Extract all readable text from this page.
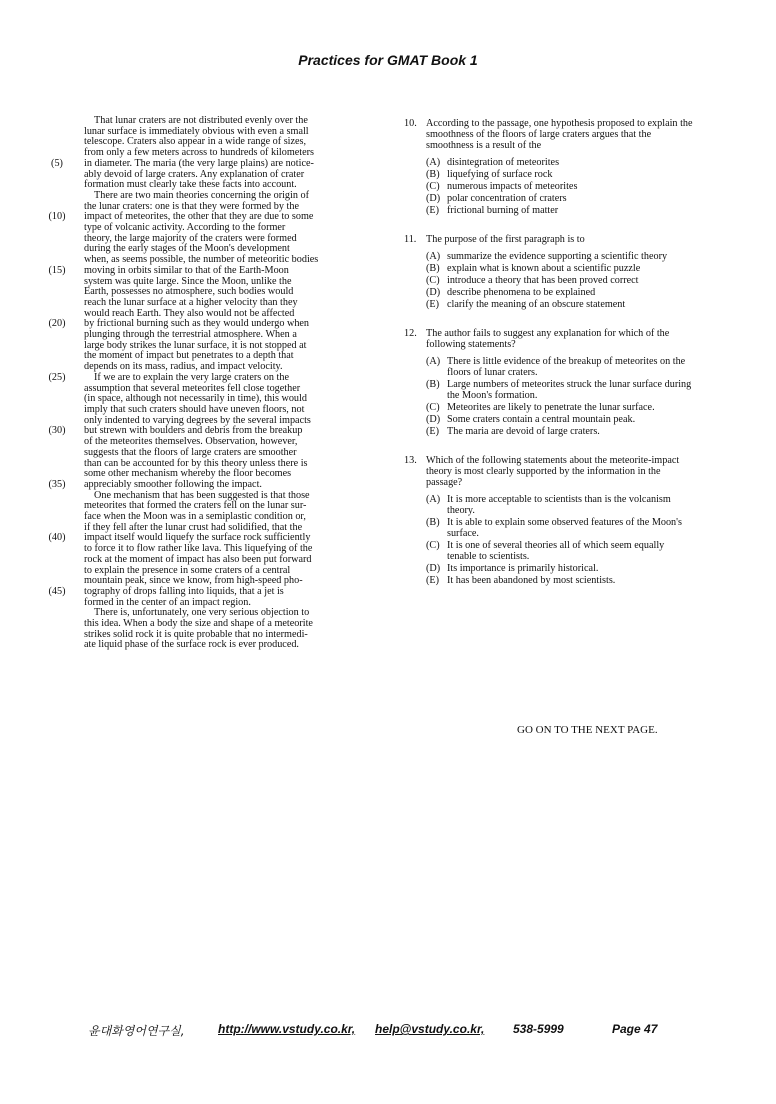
Practices for GMAT Book 1
That lunar craters are not distributed evenly over the
lunar surface is immediately obvious with even a small
telescope. Craters also appear in a wide range of sizes,
from only a few meters across to hundreds of kilometers
(5)	in diameter. The maria (the very large plains) are notice-
ably devoid of large craters. Any explanation of crater
formation must clearly take these facts into account.
There are two main theories concerning the origin of
the lunar craters: one is that they were formed by the
(10)	impact of meteorites, the other that they are due to some
type of volcanic activity. According to the former
theory, the large majority of the craters were formed
during the early stages of the Moon's development
when, as seems possible, the number of meteoritic bodies
(15)	moving in orbits similar to that of the Earth-Moon
system was quite large. Since the Moon, unlike the
Earth, possesses no atmosphere, such bodies would
reach the lunar surface at a higher velocity than they
would reach Earth. They also would not be affected
(20)	by frictional burning such as they would undergo when
plunging through the terrestrial atmosphere. When a
large body strikes the lunar surface, it is not stopped at
the moment of impact but penetrates to a depth that
depends on its mass, radius, and impact velocity.
(25)	If we are to explain the very large craters on the
assumption that several meteorites fell close together
(in space, although not necessarily in time), this would
imply that such craters should have uneven floors, not
only indented to varying degrees by the several impacts
(30)	but strewn with boulders and debris from the breakup
of the meteorites themselves. Observation, however,
suggests that the floors of large craters are smoother
than can be accounted for by this theory unless there is
some other mechanism whereby the floor becomes
(35)	appreciably smoother following the impact.
One mechanism that has been suggested is that those
meteorites that formed the craters fell on the lunar sur-
face when the Moon was in a semiplastic condition or,
if they fell after the lunar crust had solidified, that the
(40)	impact itself would liquefy the surface rock sufficiently
to force it to flow rather like lava. This liquefying of the
rock at the moment of impact has also been put forward
to explain the presence in some craters of a central
mountain peak, since we know, from high-speed pho-
(45)	tography of drops falling into liquids, that a jet is
formed in the center of an impact region.
There is, unfortunately, one very serious objection to
this idea. When a body the size and shape of a meteorite
strikes solid rock it is quite probable that no intermedi-
ate liquid phase of the surface rock is ever produced.
10. According to the passage, one hypothesis proposed to explain the smoothness of the floors of large craters argues that the smoothness is a result of the
(A) disintegration of meteorites
(B) liquefying of surface rock
(C) numerous impacts of meteorites
(D) polar concentration of craters
(E) frictional burning of matter
11. The purpose of the first paragraph is to
(A) summarize the evidence supporting a scientific theory
(B) explain what is known about a scientific puzzle
(C) introduce a theory that has been proved correct
(D) describe phenomena to be explained
(E) clarify the meaning of an obscure statement
12. The author fails to suggest any explanation for which of the following statements?
(A) There is little evidence of the breakup of meteorites on the floors of lunar craters.
(B) Large numbers of meteorites struck the lunar surface during the Moon's formation.
(C) Meteorites are likely to penetrate the lunar surface.
(D) Some craters contain a central mountain peak.
(E) The maria are devoid of large craters.
13. Which of the following statements about the meteorite-impact theory is most clearly supported by the information in the passage?
(A) It is more acceptable to scientists than is the volcanism theory.
(B) It is able to explain some observed features of the Moon's surface.
(C) It is one of several theories all of which seem equally tenable to scientists.
(D) Its importance is primarily historical.
(E) It has been abandoned by most scientists.
GO ON TO THE NEXT PAGE.
윤대화영어연구실,	http://www.vstudy.co.kr, help@vstudy.co.kr, 538-5999	Page 47
